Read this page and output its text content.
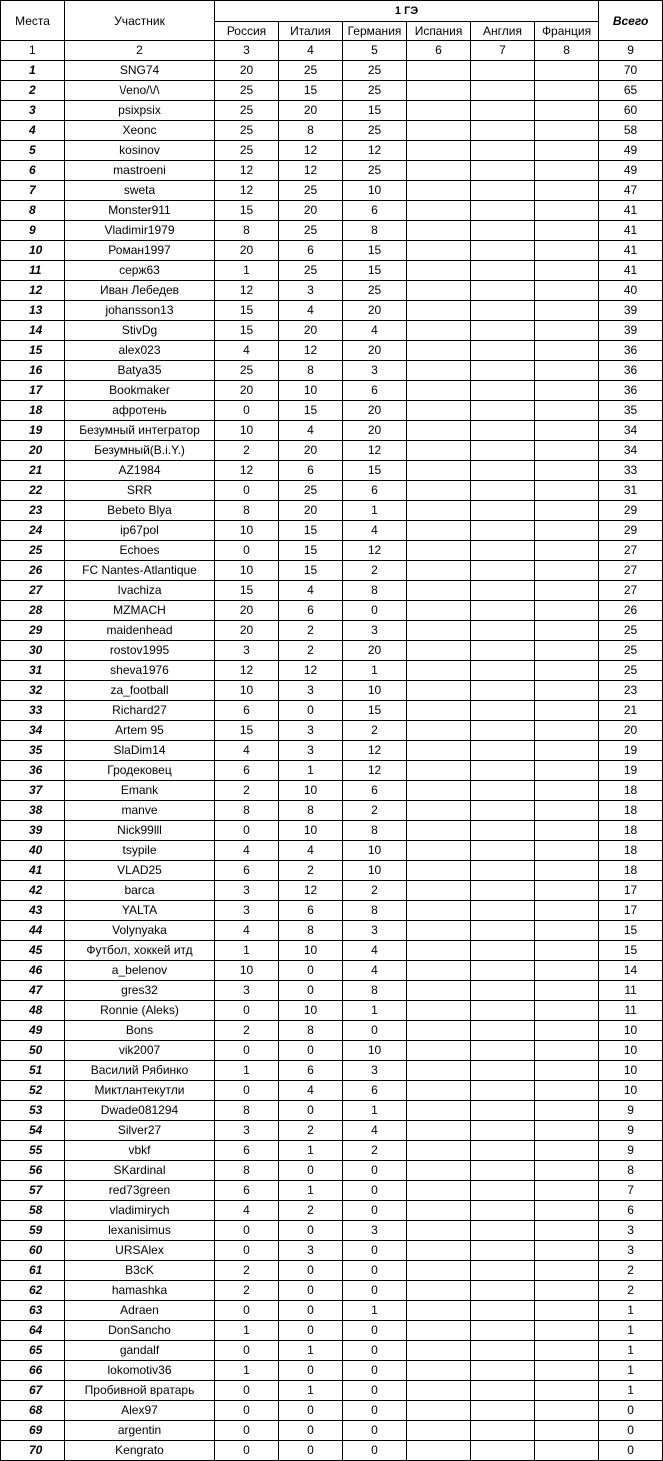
Места	Участник	1 ГЭ						Всего
		Россия	Италия	Германия	Испания	Англия	Франция	
1	2	3	4	5	6	7	8	9
1	SNG74	20	25	25				70
2	\/eno/\/\	25	15	25				65
3	psixpsix	25	20	15				60
4	Xeonc	25	8	25				58
5	kosinov	25	12	12				49
6	mastroeni	12	12	25				49
7	sweta	12	25	10				47
8	Monster911	15	20	6				41
9	Vladimir1979	8	25	8				41
10	Роман1997	20	6	15				41
11	серж63	1	25	15				41
12	Иван Лебедев	12	3	25				40
13	johansson13	15	4	20				39
14	StivDg	15	20	4				39
15	alex023	4	12	20				36
16	Batya35	25	8	3				36
17	Bookmaker	20	10	6				36
18	афротень	0	15	20				35
19	Безумный интегратор	10	4	20				34
20	Безумный(B.i.Y.)	2	20	12				34
21	AZ1984	12	6	15				33
22	SRR	0	25	6				31
23	Bebeto Blya	8	20	1				29
24	ip67pol	10	15	4				29
25	Echoes	0	15	12				27
26	FC Nantes-Atlantique	10	15	2				27
27	Ivachiza	15	4	8				27
28	MZMACH	20	6	0				26
29	maidenhead	20	2	3				25
30	rostov1995	3	2	20				25
31	sheva1976	12	12	1				25
32	za_football	10	3	10				23
33	Richard27	6	0	15				21
34	Artem 95	15	3	2				20
35	SlaDim14	4	3	12				19
36	Гродековец	6	1	12				19
37	Emank	2	10	6				18
38	manve	8	8	2				18
39	Nick99lll	0	10	8				18
40	tsypile	4	4	10				18
41	VLAD25	6	2	10				18
42	barca	3	12	2				17
43	YALTA	3	6	8				17
44	Volynyaka	4	8	3				15
45	Футбол, хоккей итд	1	10	4				15
46	a_belenov	10	0	4				14
47	gres32	3	0	8				11
48	Ronnie (Aleks)	0	10	1				11
49	Bons	2	8	0				10
50	vik2007	0	0	10				10
51	Василий Рябинко	1	6	3				10
52	Миктлантекутли	0	4	6				10
53	Dwade081294	8	0	1				9
54	Silver27	3	2	4				9
55	vbkf	6	1	2				9
56	SKardinal	8	0	0				8
57	red73green	6	1	0				7
58	vladimirych	4	2	0				6
59	lexanisimus	0	0	3				3
60	URSAlex	0	3	0				3
61	B3cK	2	0	0				2
62	hamashka	2	0	0				2
63	Adraen	0	0	1				1
64	DonSancho	1	0	0				1
65	gandalf	0	1	0				1
66	lokomotiv36	1	0	0				1
67	Пробивной вратарь	0	1	0				1
68	Alex97	0	0	0				0
69	argentin	0	0	0				0
70	Kengrato	0	0	0				0
